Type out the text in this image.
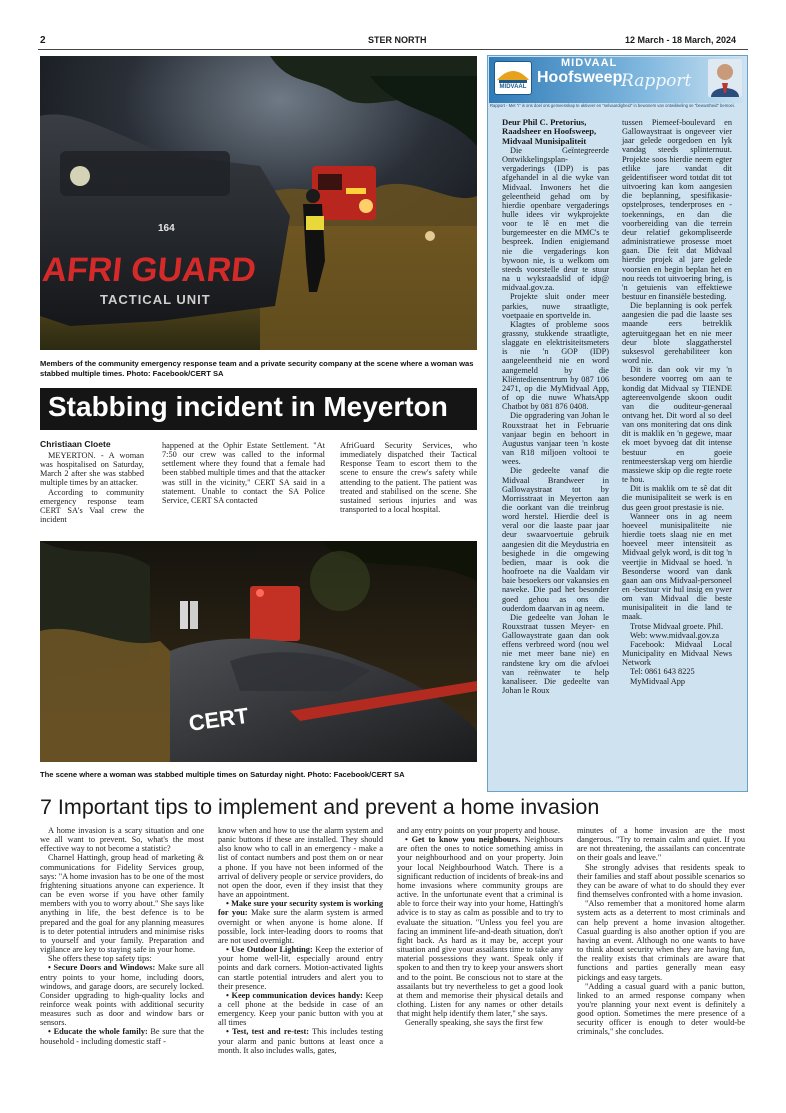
2	STER NORTH	12 March - 18 March, 2024
AFRI GUARD
TACTICAL UNIT
164
Members of the community emergency response team and a private security company at the scene where a woman was stabbed multiple times. Photo: Facebook/CERT SA
Stabbing incident in Meyerton
Christiaan Cloete

MEYERTON. - A woman was hospitalised on Saturday, March 2 after she was stabbed multiple times by an attacker.

According to community emergency response team CERT SA's Vaal crew the incident

happened at the Ophir Estate Settlement. "At 7:50 our crew was called to the informal settlement where they found that a female had been stabbed multiple times and that the attacker was still in the vicinity," CERT SA said in a statement. Unable to contact the SA Police Service, CERT SA contacted

AfriGuard Security Services, who immediately dispatched their Tactical Response Team to escort them to the scene to ensure the crew's safety while attending to the patient. The patient was treated and stabilised on the scene. She sustained serious injuries and was transported to a local hospital.

CERT
The scene where a woman was stabbed multiple times on Saturday night. Photo: Facebook/CERT SA
MIDVAAL
MIDVAAL
Hoofsweep
Rapport
Rapport - Met "i" is ons doel ons gemeenskap te aktiveer en "selvaardigheid" in bewoners van ontwikkeling se "bewustheid" bemoei.
Deur Phil C. Pretorius,
Raadsheer en Hoofsweep,
Midvaal Munisipaliteit

Die Geïntegreerde Ontwikkelingsplan-vergaderings (IDP) is pas afgehandel in al die wyke van Midvaal. Inwoners het die geleentheid gehad om by hierdie openbare vergaderings hulle idees vir wykprojekte voor te lê en met die burgemeester en die MMC's te bespreek. Indien enigiemand nie die vergaderings kon bywoon nie, is u welkom om steeds voorstelle deur te stuur na u wyksraadslid of idp@ midvaal.gov.za.

Projekte sluit onder meer parkies, nuwe straatligte, voetpaaie en sportvelde in.

Klagtes of probleme soos grassny, stukkende straatligte, slaggate en elektrisiteitsmeters is nie 'n GOP (IDP) aangeleentheid nie en word aangemeld by die Kliëntediensentrum by 087 106 2471, op die MyMidvaal App, of op die nuwe WhatsApp Chatbot by 081 876 0408.

Die opgradering van Johan le Rouxstraat het in Februarie vanjaar begin en behoort in Augustus vanjaar teen 'n koste van R18 miljoen voltooi te wees.

Die gedeelte vanaf die Midvaal Brandweer in Gallowaystraat tot by Morrisstraat in Meyerton aan die oorkant van die treinbrug word herstel. Hierdie deel is veral oor die laaste paar jaar deur swaarvoertuie gebruik aangesien dit die Meydustria en besighede in die omgewing bedien, maar is ook die hoofroete na die Vaaldam vir baie besoekers oor vakansies en naweke. Die pad het besonder goed gehou as ons die ouderdom daarvan in ag neem.

Die gedeelte van Johan le Rouxstraat tussen Meyer- en Gallowaystrate gaan dan ook effens verbreed word (nou wel nie met meer bane nie) en randstene kry om die afvloei van reënwater te help kanaliseer. Die gedeelte van Johan le Roux

tussen Piemeef-boulevard en Gallowaystraat is ongeveer vier jaar gelede oorgedoen en lyk vandag steeds splinternuut. Projekte soos hierdie neem egter etlike jare vandat dit geïdentifiseer word totdat dit tot uitvoering kan kom aangesien die beplanning, spesifikasie-opstelproses, tenderproses en -toekennings, en dan die voorbereiding van die terrein deur relatief gekompliseerde administratiewe prosesse moet gaan. Die feit dat Midvaal hierdie projek al jare gelede voorsien en begin beplan het en nou reeds tot uitvoering bring, is 'n getuienis van effektiewe bestuur en finansiële besteding.

Die beplanning is ook perfek aangesien die pad die laaste ses maande eers betreklik agteruitgegaan het en nie meer deur blote slaggatherstel suksesvol gerehabiliteer kon word nie.

Dit is dan ook vir my 'n besondere voorreg om aan te kondig dat Midvaal sy TIENDE agtereenvolgende skoon oudit van die ouditeur-generaal ontvang het. Dit word al so deel van ons monitering dat ons dink dit is maklik en 'n gegewe, maar ek moet byvoeg dat dit intense bestuur en goeie rentmeesterskap verg om hierdie massiewe skip op die regte roete te hou.

Dit is maklik om te sê dat dit die munisipaliteit se werk is en dus geen groot prestasie is nie.

Wanneer ons in ag neem hoeveel munisipaliteite nie hierdie toets slaag nie en met hoeveel meer intensiteit as Midvaal gelyk word, is dit tog 'n veertjie in Midvaal se hoed. 'n Besonderse woord van dank gaan aan ons Midvaal-personeel en -bestuur vir hul insig en ywer om van Midvaal die beste munisipaliteit in die land te maak.

Trotse Midvaal groete. Phil.

Web: www.midvaal.gov.za

Facebook: Midvaal Local Municipality en Midvaal News Network

Tel: 0861 643 8225

MyMidvaal App

7 Important tips to implement and prevent a home invasion

A home invasion is a scary situation and one we all want to prevent. So, what's the most effective way to not become a statistic?

Charnel Hattingh, group head of marketing & communications for Fidelity Services group, says: "A home invasion has to be one of the most frightening situations anyone can experience. It can be even worse if you have other family members with you to worry about." She says like anything in life, the best defence is to be prepared and the goal for any planning measures is to deter potential intruders and minimise risks to yourself and your family. Preparation and vigilance are key to staying safe in your home.

She offers these top safety tips:

• Secure Doors and Windows: Make sure all entry points to your home, including doors, windows, and garage doors, are securely locked. Consider upgrading to high-quality locks and reinforce weak points with additional security measures such as door and window bars or sensors.

• Educate the whole family: Be sure that the household - including domestic staff -

know when and how to use the alarm system and panic buttons if these are installed. They should also know who to call in an emergency - make a list of contact numbers and post them on or near a phone. If you have not been informed of the arrival of delivery people or service providers, do not open the door, even if they insist that they have an appointment.

• Make sure your security system is working for you: Make sure the alarm system is armed overnight or when anyone is home alone. If possible, lock inter-leading doors to rooms that are not used overnight.

• Use Outdoor Lighting: Keep the exterior of your home well-lit, especially around entry points and dark corners. Motion-activated lights can startle potential intruders and alert you to their presence.

• Keep communication devices handy: Keep a cell phone at the bedside in case of an emergency. Keep your panic button with you at all times

• Test, test and re-test: This includes testing your alarm and panic buttons at least once a month. It also includes walls, gates,

and any entry points on your property and house.

• Get to know you neighbours. Neighbours are often the ones to notice something amiss in your neighbourhood and on your property. Join your local Neighbourhood Watch. There is a significant reduction of incidents of break-ins and home invasions where community groups are active. In the unfortunate event that a criminal is able to force their way into your home, Hattingh's advice is to stay as calm as possible and to try to evaluate the situation. "Unless you feel you are facing an imminent life-and-death situation, don't fight back. As hard as it may be, accept your situation and give your assailants time to take any material possessions they want. Speak only if spoken to and then try to keep your answers short and to the point. Be conscious not to stare at the assailants but try nevertheless to get a good look at them and memorise their physical details and clothing. Listen for any names or other details that might help identify them later," she says.

Generally speaking, she says the first few

minutes of a home invasion are the most dangerous. "Try to remain calm and quiet. If you are not threatening, the assailants can concentrate on their goals and leave."

She strongly advises that residents speak to their families and staff about possible scenarios so they can be aware of what to do should they ever find themselves confronted with a home invasion.

"Also remember that a monitored home alarm system acts as a deterrent to most criminals and can help prevent a home invasion altogether. Casual guarding is also another option if you are having an event. Although no one wants to have to think about security when they are having fun, the reality exists that criminals are aware that functions and parties generally mean easy pickings and easy targets.

"Adding a casual guard with a panic button, linked to an armed response company when you're planning your next event is definitely a good option. Sometimes the mere presence of a security officer is enough to deter would-be criminals," she concludes.
